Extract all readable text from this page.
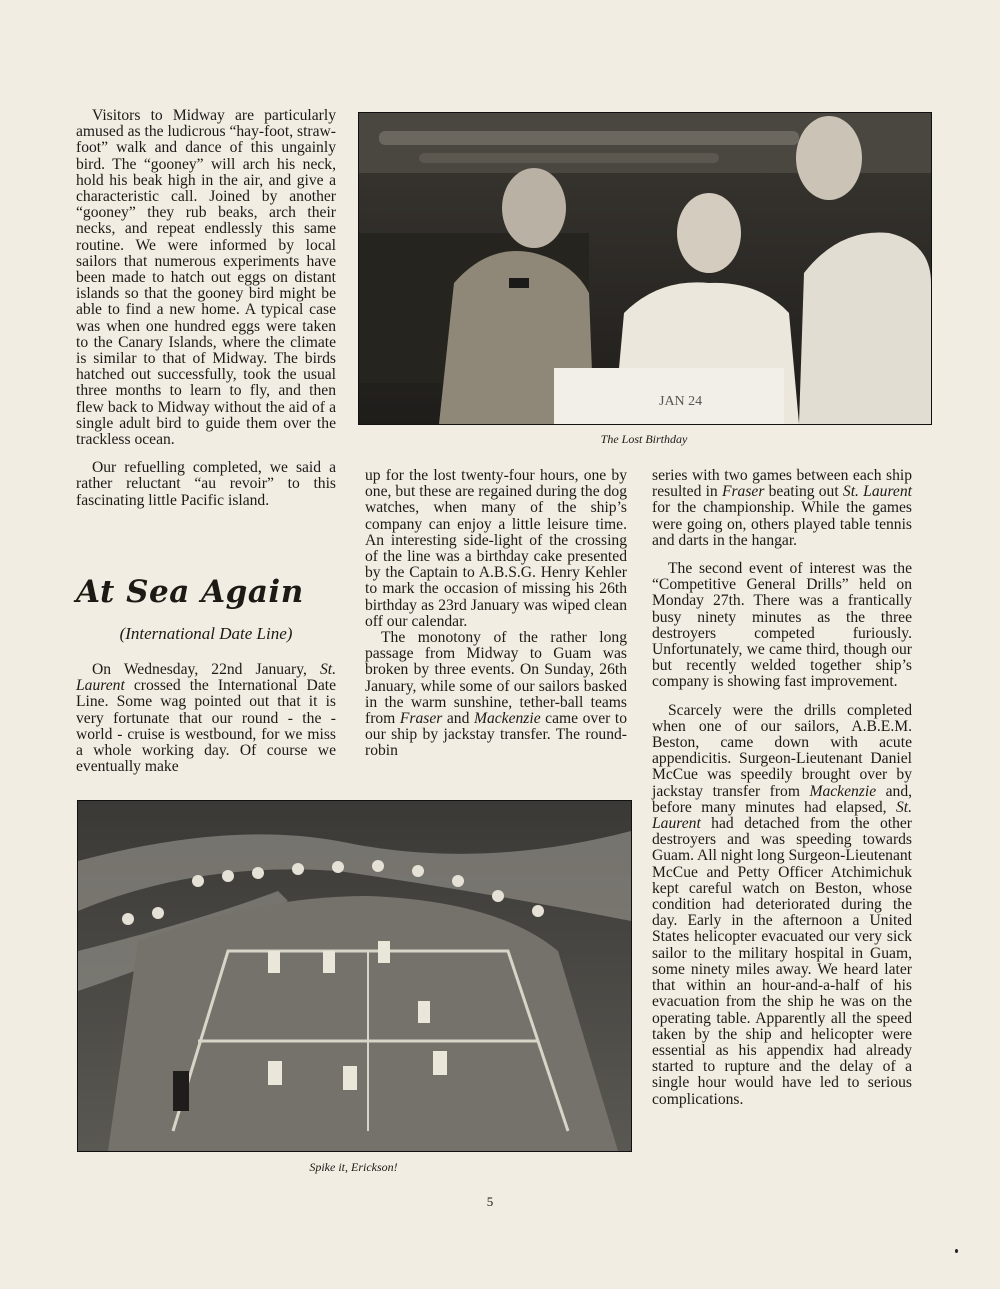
Visitors to Midway are particularly amused as the ludicrous “hay-foot, straw-foot” walk and dance of this ungainly bird. The “gooney” will arch his neck, hold his beak high in the air, and give a characteristic call. Joined by another “gooney” they rub beaks, arch their necks, and repeat endlessly this same routine. We were informed by local sailors that numerous experiments have been made to hatch out eggs on distant islands so that the gooney bird might be able to find a new home. A typical case was when one hundred eggs were taken to the Canary Islands, where the climate is similar to that of Midway. The birds hatched out successfully, took the usual three months to learn to fly, and then flew back to Midway without the aid of a single adult bird to guide them over the trackless ocean.

Our refuelling completed, we said a rather reluctant “au revoir” to this fascinating little Pacific island.

At Sea Again
(International Date Line)

On Wednesday, 22nd January, St. Laurent crossed the International Date Line. Some wag pointed out that it is very fortunate that our round - the - world - cruise is westbound, for we miss a whole working day. Of course we eventually make

JAN 24
The Lost Birthday

up for the lost twenty-four hours, one by one, but these are regained during the dog watches, when many of the ship’s company can enjoy a little leisure time. An interesting side-light of the crossing of the line was a birthday cake presented by the Captain to A.B.S.G. Henry Kehler to mark the occasion of missing his 26th birthday as 23rd January was wiped clean off our calendar.

The monotony of the rather long passage from Midway to Guam was broken by three events. On Sunday, 26th January, while some of our sailors basked in the warm sunshine, tether-ball teams from Fraser and Mackenzie came over to our ship by jackstay transfer. The round-robin

series with two games between each ship resulted in Fraser beating out St. Laurent for the championship. While the games were going on, others played table tennis and darts in the hangar.

The second event of interest was the “Competitive General Drills” held on Monday 27th. There was a frantically busy ninety minutes as the three destroyers competed furiously. Unfortunately, we came third, though our but recently welded together ship’s company is showing fast improvement.

Scarcely were the drills completed when one of our sailors, A.B.E.M. Beston, came down with acute appendicitis. Surgeon-Lieutenant Daniel McCue was speedily brought over by jackstay transfer from Mackenzie and, before many minutes had elapsed, St. Laurent had detached from the other destroyers and was speeding towards Guam. All night long Surgeon-Lieutenant McCue and Petty Officer Atchimichuk kept careful watch on Beston, whose condition had deteriorated during the day. Early in the afternoon a United States helicopter evacuated our very sick sailor to the military hospital in Guam, some ninety miles away. We heard later that within an hour-and-a-half of his evacuation from the ship he was on the operating table. Apparently all the speed taken by the ship and helicopter were essential as his appendix had already started to rupture and the delay of a single hour would have led to serious complications.

Spike it, Erickson!
5
